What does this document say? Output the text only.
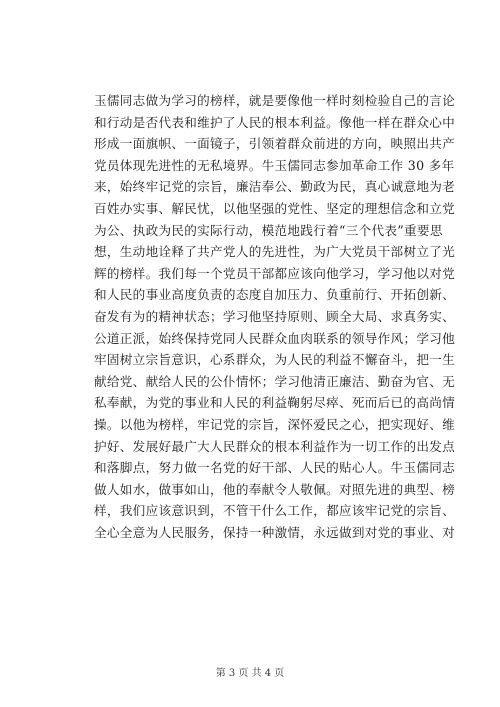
玉儒同志做为学习的榜样，就是要像他一样时刻检验自己的言论
和行动是否代表和维护了人民的根本利益。像他一样在群众心中
形成一面旗帜、一面镜子，引领着群众前进的方向，映照出共产
党员体现先进性的无私境界。牛玉儒同志参加革命工作 30 多年
来，始终牢记党的宗旨，廉洁奉公、勤政为民，真心诚意地为老
百姓办实事、解民忧，以他坚强的党性、坚定的理想信念和立党
为公、执政为民的实际行动，模范地践行着“三个代表”重要思
想，生动地诠释了共产党人的先进性，为广大党员干部树立了光
辉的榜样。我们每一个党员干部都应该向他学习，学习他以对党
和人民的事业高度负责的态度自加压力、负重前行、开拓创新、
奋发有为的精神状态；学习他坚持原则、顾全大局、求真务实、
公道正派，始终保持党同人民群众血肉联系的领导作风；学习他
牢固树立宗旨意识，心系群众，为人民的利益不懈奋斗，把一生
献给党、献给人民的公仆情怀；学习他清正廉洁、勤奋为官、无
私奉献，为党的事业和人民的利益鞠躬尽瘁、死而后已的高尚情
操。以他为榜样，牢记党的宗旨，深怀爱民之心，把实现好、维
护好、发展好最广大人民群众的根本利益作为一切工作的出发点
和落脚点，努力做一名党的好干部、人民的贴心人。牛玉儒同志
做人如水，做事如山，他的奉献令人敬佩。对照先进的典型、榜
样，我们应该意识到，不管干什么工作，都应该牢记党的宗旨、
全心全意为人民服务，保持一种激情，永远做到对党的事业、对
第 3 页 共 4 页
